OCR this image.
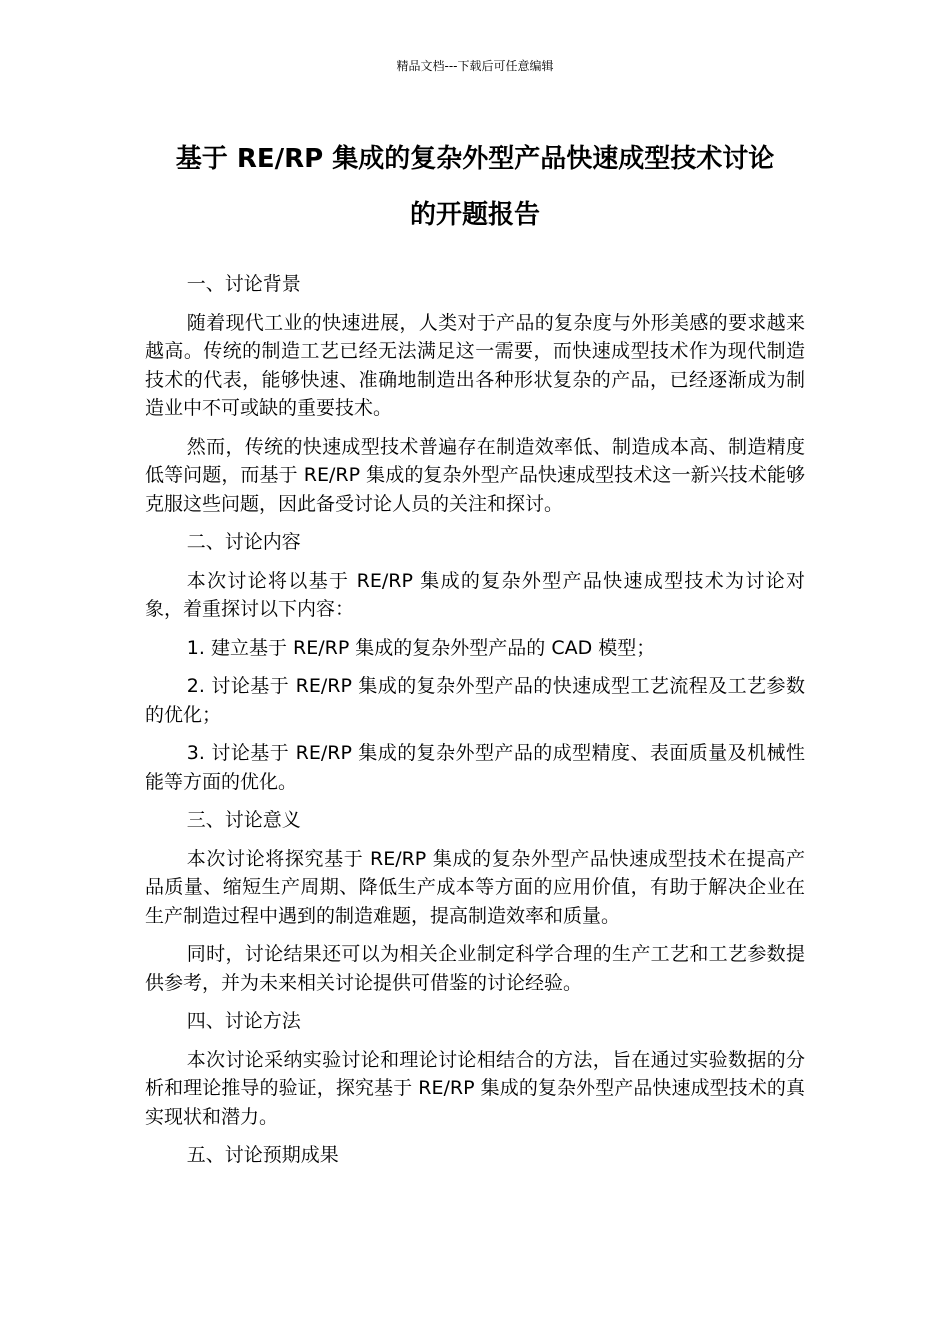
精品文档---下载后可任意编辑
基于 RE/RP 集成的复杂外型产品快速成型技术讨论
的开题报告

一、讨论背景

随着现代工业的快速进展，人类对于产品的复杂度与外形美感的要求越来越高。传统的制造工艺已经无法满足这一需要，而快速成型技术作为现代制造技术的代表，能够快速、准确地制造出各种形状复杂的产品，已经逐渐成为制造业中不可或缺的重要技术。

然而，传统的快速成型技术普遍存在制造效率低、制造成本高、制造精度低等问题，而基于 RE/RP 集成的复杂外型产品快速成型技术这一新兴技术能够克服这些问题，因此备受讨论人员的关注和探讨。

二、讨论内容

本次讨论将以基于 RE/RP 集成的复杂外型产品快速成型技术为讨论对象，着重探讨以下内容：

1. 建立基于 RE/RP 集成的复杂外型产品的 CAD 模型；

2. 讨论基于 RE/RP 集成的复杂外型产品的快速成型工艺流程及工艺参数的优化；

3. 讨论基于 RE/RP 集成的复杂外型产品的成型精度、表面质量及机械性能等方面的优化。

三、讨论意义

本次讨论将探究基于 RE/RP 集成的复杂外型产品快速成型技术在提高产品质量、缩短生产周期、降低生产成本等方面的应用价值，有助于解决企业在生产制造过程中遇到的制造难题，提高制造效率和质量。

同时，讨论结果还可以为相关企业制定科学合理的生产工艺和工艺参数提供参考，并为未来相关讨论提供可借鉴的讨论经验。

四、讨论方法

本次讨论采纳实验讨论和理论讨论相结合的方法，旨在通过实验数据的分析和理论推导的验证，探究基于 RE/RP 集成的复杂外型产品快速成型技术的真实现状和潜力。

五、讨论预期成果
